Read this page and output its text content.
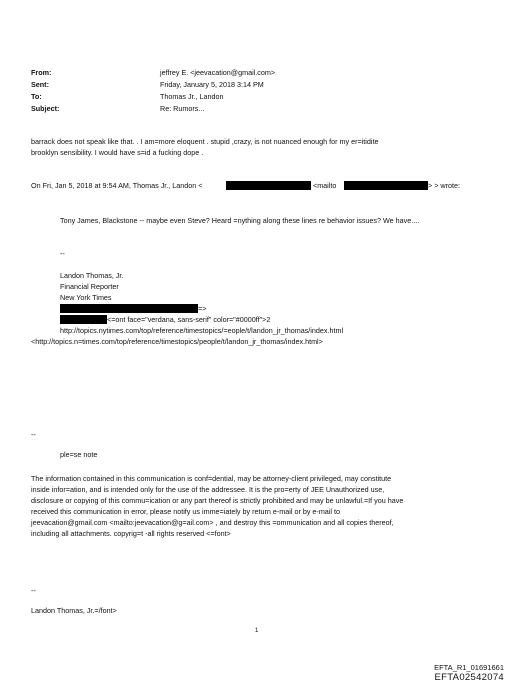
From:	jeffrey E. <jeevacation@gmail.com>
Sent:	Friday, January 5, 2018 3:14 PM
To:	Thomas Jr., Landon
Subject:	Re: Rumors...
barrack does not speak like that. . I am=more eloquent . stupid ,crazy, is not nuanced enough for my er=itidite
brooklyn sensibility. I would have s=id a fucking dope .
On Fri, Jan 5, 2018 at 9:54 AM, Thomas Jr., Landon <	<mailto	> > wrote:
Tony James, Blackstone -- maybe even Steve? Heard =nything along these lines re behavior issues? We have....
--
Landon Thomas, Jr.
Financial Reporter
New York Times
=>
<=ont face="verdana, sans-serif" color="#0000ff">2
http://topics.nytimes.com/top/reference/timestopics/=eople/t/landon_jr_thomas/index.html
<http://topics.n=times.com/top/reference/timestopics/people/t/landon_jr_thomas/index.html>
--
ple=se note
The information contained in this communication is conf=dential, may be attorney-client privileged, may constitute
inside infor=ation, and is intended only for the use of the addressee. It is the pro=erty of JEE Unauthorized use,
disclosure or copying of this commu=ication or any part thereof is strictly prohibited and may be unlawful.=If you have
received this communication in error, please notify us imme=iately by return e-mail or by e-mail to
jeevacation@gmail.com <mailto:jeevacation@g=ail.com> , and destroy this =ommunication and all copies thereof,
including all attachments. copyrig=t -all rights reserved <=font>
--
Landon Thomas, Jr.=/font>
1
EFTA_R1_01691661
EFTA02542074
